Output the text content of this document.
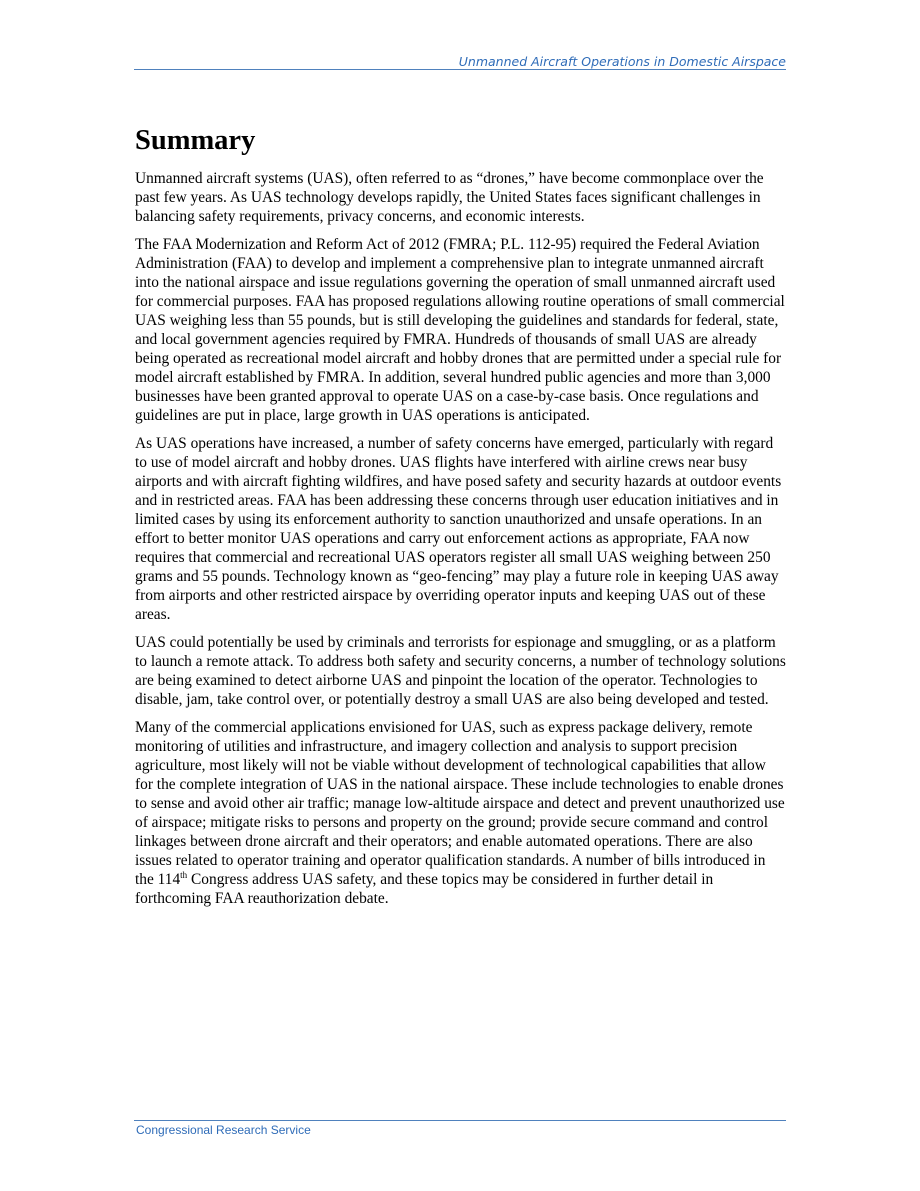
Unmanned Aircraft Operations in Domestic Airspace
Summary

Unmanned aircraft systems (UAS), often referred to as “drones,” have become commonplace over the past few years. As UAS technology develops rapidly, the United States faces significant challenges in balancing safety requirements, privacy concerns, and economic interests.

The FAA Modernization and Reform Act of 2012 (FMRA; P.L. 112-95) required the Federal Aviation Administration (FAA) to develop and implement a comprehensive plan to integrate unmanned aircraft into the national airspace and issue regulations governing the operation of small unmanned aircraft used for commercial purposes. FAA has proposed regulations allowing routine operations of small commercial UAS weighing less than 55 pounds, but is still developing the guidelines and standards for federal, state, and local government agencies required by FMRA. Hundreds of thousands of small UAS are already being operated as recreational model aircraft and hobby drones that are permitted under a special rule for model aircraft established by FMRA. In addition, several hundred public agencies and more than 3,000 businesses have been granted approval to operate UAS on a case-by-case basis. Once regulations and guidelines are put in place, large growth in UAS operations is anticipated.

As UAS operations have increased, a number of safety concerns have emerged, particularly with regard to use of model aircraft and hobby drones. UAS flights have interfered with airline crews near busy airports and with aircraft fighting wildfires, and have posed safety and security hazards at outdoor events and in restricted areas. FAA has been addressing these concerns through user education initiatives and in limited cases by using its enforcement authority to sanction unauthorized and unsafe operations. In an effort to better monitor UAS operations and carry out enforcement actions as appropriate, FAA now requires that commercial and recreational UAS operators register all small UAS weighing between 250 grams and 55 pounds. Technology known as “geo-fencing” may play a future role in keeping UAS away from airports and other restricted airspace by overriding operator inputs and keeping UAS out of these areas.

UAS could potentially be used by criminals and terrorists for espionage and smuggling, or as a platform to launch a remote attack. To address both safety and security concerns, a number of technology solutions are being examined to detect airborne UAS and pinpoint the location of the operator. Technologies to disable, jam, take control over, or potentially destroy a small UAS are also being developed and tested.

Many of the commercial applications envisioned for UAS, such as express package delivery, remote monitoring of utilities and infrastructure, and imagery collection and analysis to support precision agriculture, most likely will not be viable without development of technological capabilities that allow for the complete integration of UAS in the national airspace. These include technologies to enable drones to sense and avoid other air traffic; manage low-altitude airspace and detect and prevent unauthorized use of airspace; mitigate risks to persons and property on the ground; provide secure command and control linkages between drone aircraft and their operators; and enable automated operations. There are also issues related to operator training and operator qualification standards. A number of bills introduced in the 114th Congress address UAS safety, and these topics may be considered in further detail in forthcoming FAA reauthorization debate.

Congressional Research Service
